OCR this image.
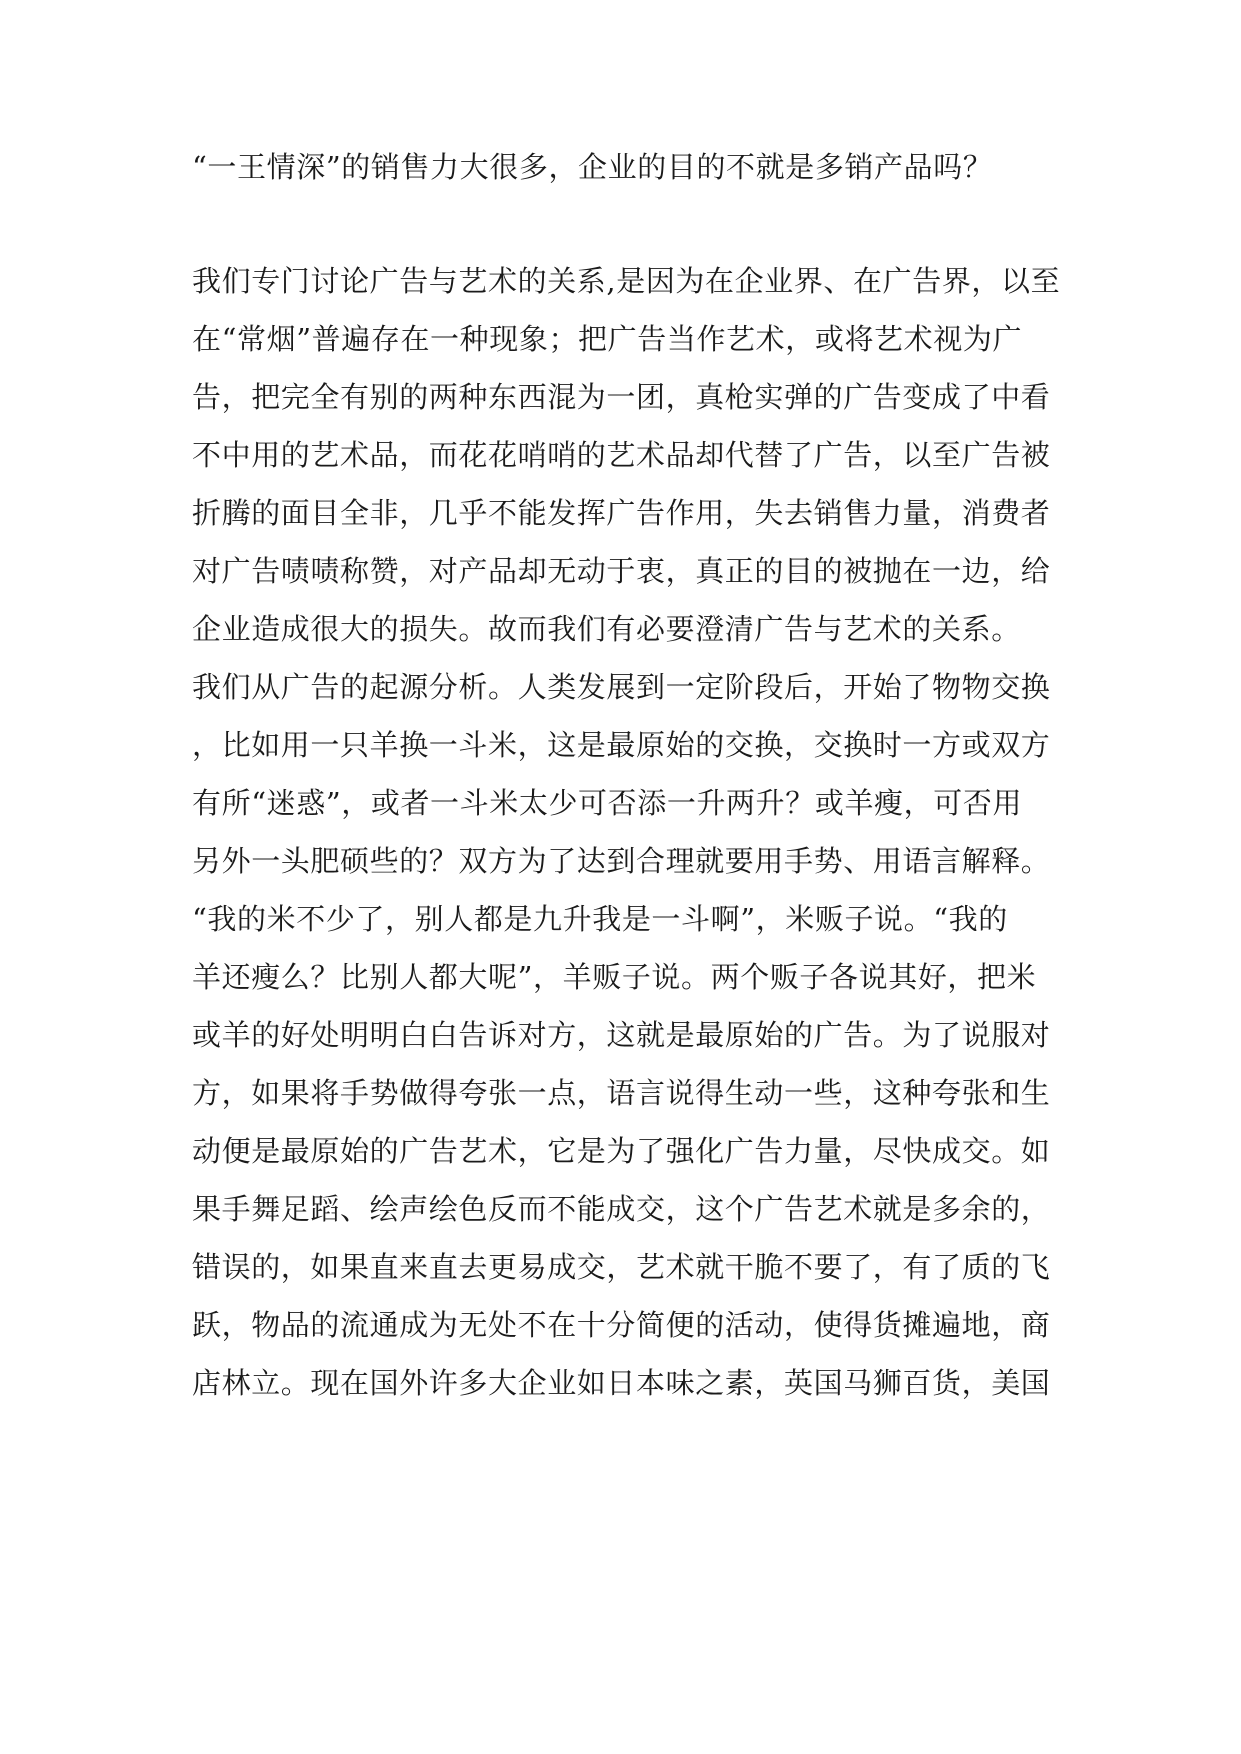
“一王情深”的销售力大很多，企业的目的不就是多销产品吗？
我们专门讨论广告与艺术的关系,是因为在企业界、在广告界，以至
在“常烟”普遍存在一种现象；把广告当作艺术，或将艺术视为广
告，把完全有别的两种东西混为一团，真枪实弹的广告变成了中看
不中用的艺术品，而花花哨哨的艺术品却代替了广告，以至广告被
折腾的面目全非，几乎不能发挥广告作用，失去销售力量，消费者
对广告啧啧称赞，对产品却无动于衷，真正的目的被抛在一边，给
企业造成很大的损失。故而我们有必要澄清广告与艺术的关系。
我们从广告的起源分析。人类发展到一定阶段后，开始了物物交换
，比如用一只羊换一斗米，这是最原始的交换，交换时一方或双方
有所“迷惑”，或者一斗米太少可否添一升两升？或羊瘦，可否用
另外一头肥硕些的？双方为了达到合理就要用手势、用语言解释。
“我的米不少了，别人都是九升我是一斗啊”，米贩子说。“我的
羊还瘦么？比别人都大呢”，羊贩子说。两个贩子各说其好，把米
或羊的好处明明白白告诉对方，这就是最原始的广告。为了说服对
方，如果将手势做得夸张一点，语言说得生动一些，这种夸张和生
动便是最原始的广告艺术，它是为了强化广告力量，尽快成交。如
果手舞足蹈、绘声绘色反而不能成交，这个广告艺术就是多余的，
错误的，如果直来直去更易成交，艺术就干脆不要了，有了质的飞
跃，物品的流通成为无处不在十分简便的活动，使得货摊遍地，商
店林立。现在国外许多大企业如日本味之素，英国马狮百货，美国
